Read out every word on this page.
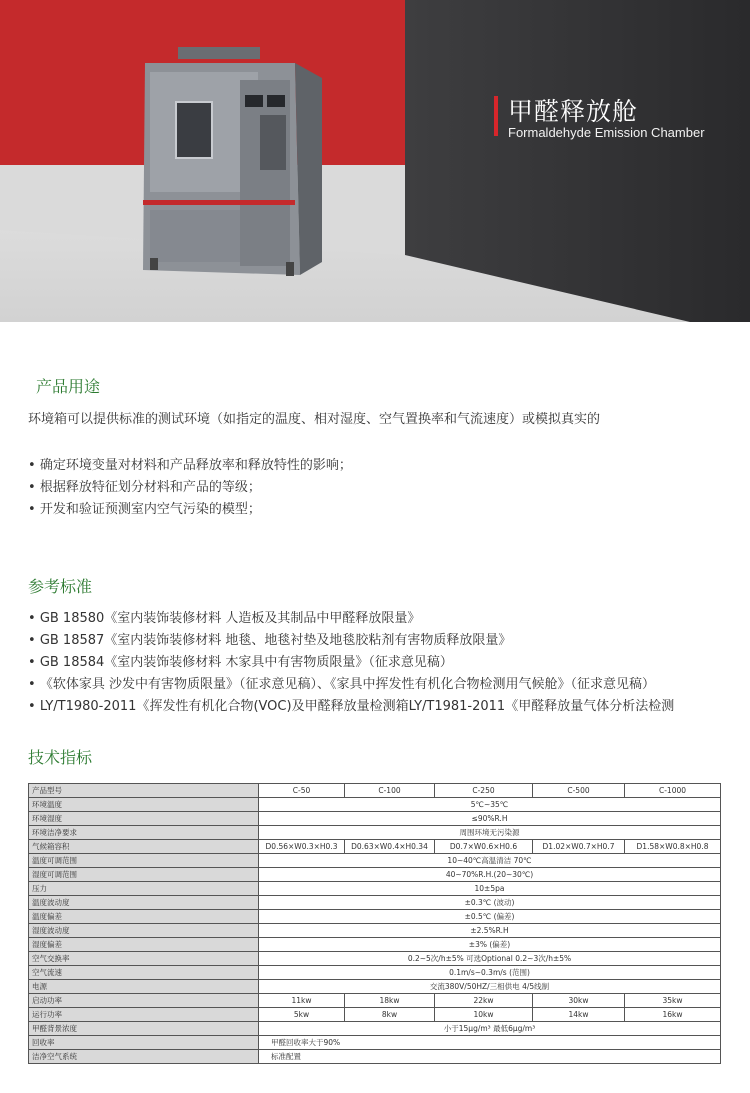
甲醛释放舱
Formaldehyde Emission Chamber
产品用途
环境箱可以提供标准的测试环境（如指定的温度、相对湿度、空气置换率和气流速度）或模拟真实的
• 确定环境变量对材料和产品释放率和释放特性的影响；
• 根据释放特征划分材料和产品的等级；
• 开发和验证预测室内空气污染的模型；
参考标准
• GB 18580《室内装饰装修材料 人造板及其制品中甲醛释放限量》
• GB 18587《室内装饰装修材料 地毯、地毯衬垫及地毯胶粘剂有害物质释放限量》
• GB 18584《室内装饰装修材料 木家具中有害物质限量》（征求意见稿）
• 《软体家具 沙发中有害物质限量》（征求意见稿）、《家具中挥发性有机化合物检测用气候舱》（征求意见稿）
• LY/T1980-2011《挥发性有机化合物(VOC)及甲醛释放量检测箱LY/T1981-2011《甲醛释放量气体分析法检测
技术指标
产品型号	C-50	C-100	C-250	C-500	C-1000
环境温度	5℃~35℃				
环境湿度	≤90%R.H				
环境洁净要求	周围环境无污染源				
气候箱容积	D0.56×W0.3×H0.3	D0.63×W0.4×H0.34	D0.7×W0.6×H0.6	D1.02×W0.7×H0.7	D1.58×W0.8×H0.8
温度可调范围	10~40℃高温清洁 70℃				
湿度可调范围	40~70%R.H.(20~30℃)				
压力	10±5pa				
温度波动度	±0.3℃ (波动)				
温度偏差	±0.5℃ (偏差)				
湿度波动度	±2.5%R.H				
湿度偏差	±3% (偏差)				
空气交换率	0.2~5次/h±5% 可选Optional 0.2~3次/h±5%				
空气流速	0.1m/s~0.3m/s (范围)				
电源	交流380V/50HZ/三相供电 4/5线制				
启动功率	11kw	18kw	22kw	30kw	35kw
运行功率	5kw	8kw	10kw	14kw	16kw
甲醛背景浓度	小于15μg/m³ 最低6μg/m³				
回收率	甲醛回收率大于90%				
洁净空气系统	标准配置				
